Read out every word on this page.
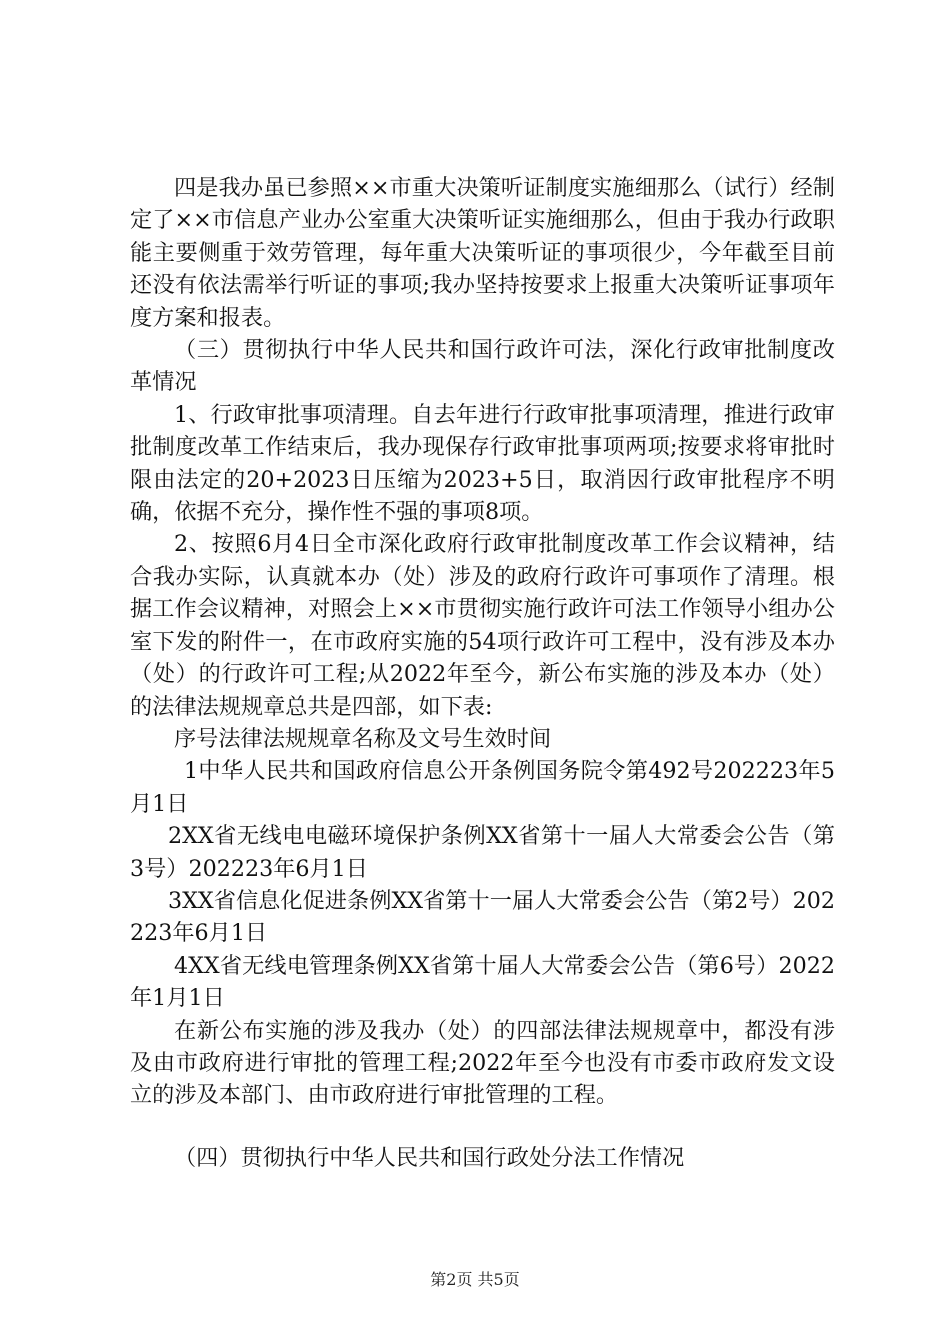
四是我办虽已参照××市重大决策听证制度实施细那么（试行）经制定了××市信息产业办公室重大决策听证实施细那么，但由于我办行政职能主要侧重于效劳管理，每年重大决策听证的事项很少，今年截至目前还没有依法需举行听证的事项;我办坚持按要求上报重大决策听证事项年度方案和报表。

（三）贯彻执行中华人民共和国行政许可法，深化行政审批制度改革情况

1、行政审批事项清理。自去年进行行政审批事项清理，推进行政审批制度改革工作结束后，我办现保存行政审批事项两项;按要求将审批时限由法定的20+2023日压缩为2023+5日，取消因行政审批程序不明确，依据不充分，操作性不强的事项8项。

2、按照6月4日全市深化政府行政审批制度改革工作会议精神，结合我办实际，认真就本办（处）涉及的政府行政许可事项作了清理。根据工作会议精神，对照会上××市贯彻实施行政许可法工作领导小组办公室下发的附件一，在市政府实施的54项行政许可工程中，没有涉及本办（处）的行政许可工程;从2022年至今，新公布实施的涉及本办（处）的法律法规规章总共是四部，如下表:

序号法律法规规章名称及文号生效时间

1中华人民共和国政府信息公开条例国务院令第492号202223年5月1日

2XX省无线电电磁环境保护条例XX省第十一届人大常委会公告（第3号）202223年6月1日

3XX省信息化促进条例XX省第十一届人大常委会公告（第2号）202223年6月1日

4XX省无线电管理条例XX省第十届人大常委会公告（第6号）2022年1月1日

在新公布实施的涉及我办（处）的四部法律法规规章中，都没有涉及由市政府进行审批的管理工程;2022年至今也没有市委市政府发文设立的涉及本部门、由市政府进行审批管理的工程。

（四）贯彻执行中华人民共和国行政处分法工作情况

第2页 共5页
